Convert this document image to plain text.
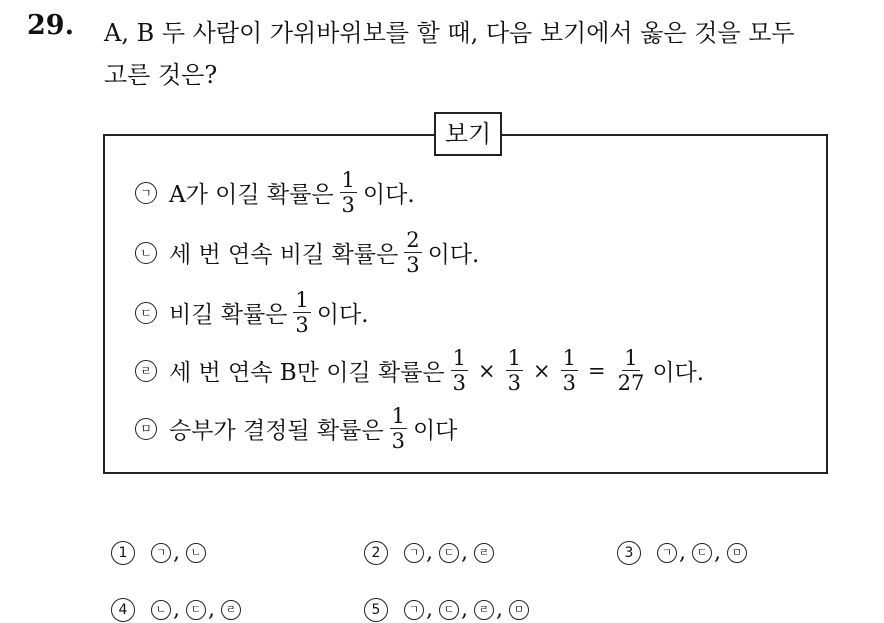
29. A, B 두 사람이 가위바위보를 할 때, 다음 보기에서 옳은 것을 모두
고른 것은?
보기
ㄱ A가 이길 확률은 $\frac{1}{3}$ 이다.
ㄴ 세 번 연속 비길 확률은 $\frac{2}{3}$ 이다.
ㄷ 비길 확률은 $\frac{1}{3}$ 이다.
ㄹ 세 번 연속 B만 이길 확률은 $\frac{1}{3} \times \frac{1}{3} \times \frac{1}{3} = \frac{1}{27}$ 이다.
ㅁ 승부가 결정될 확률은 $\frac{1}{3}$ 이다
1	ㄱ , ㄴ	2	ㄱ , ㄷ , ㄹ	3	ㄱ , ㄷ , ㅁ
4	ㄴ , ㄷ , ㄹ	5	ㄱ , ㄷ , ㄹ , ㅁ
